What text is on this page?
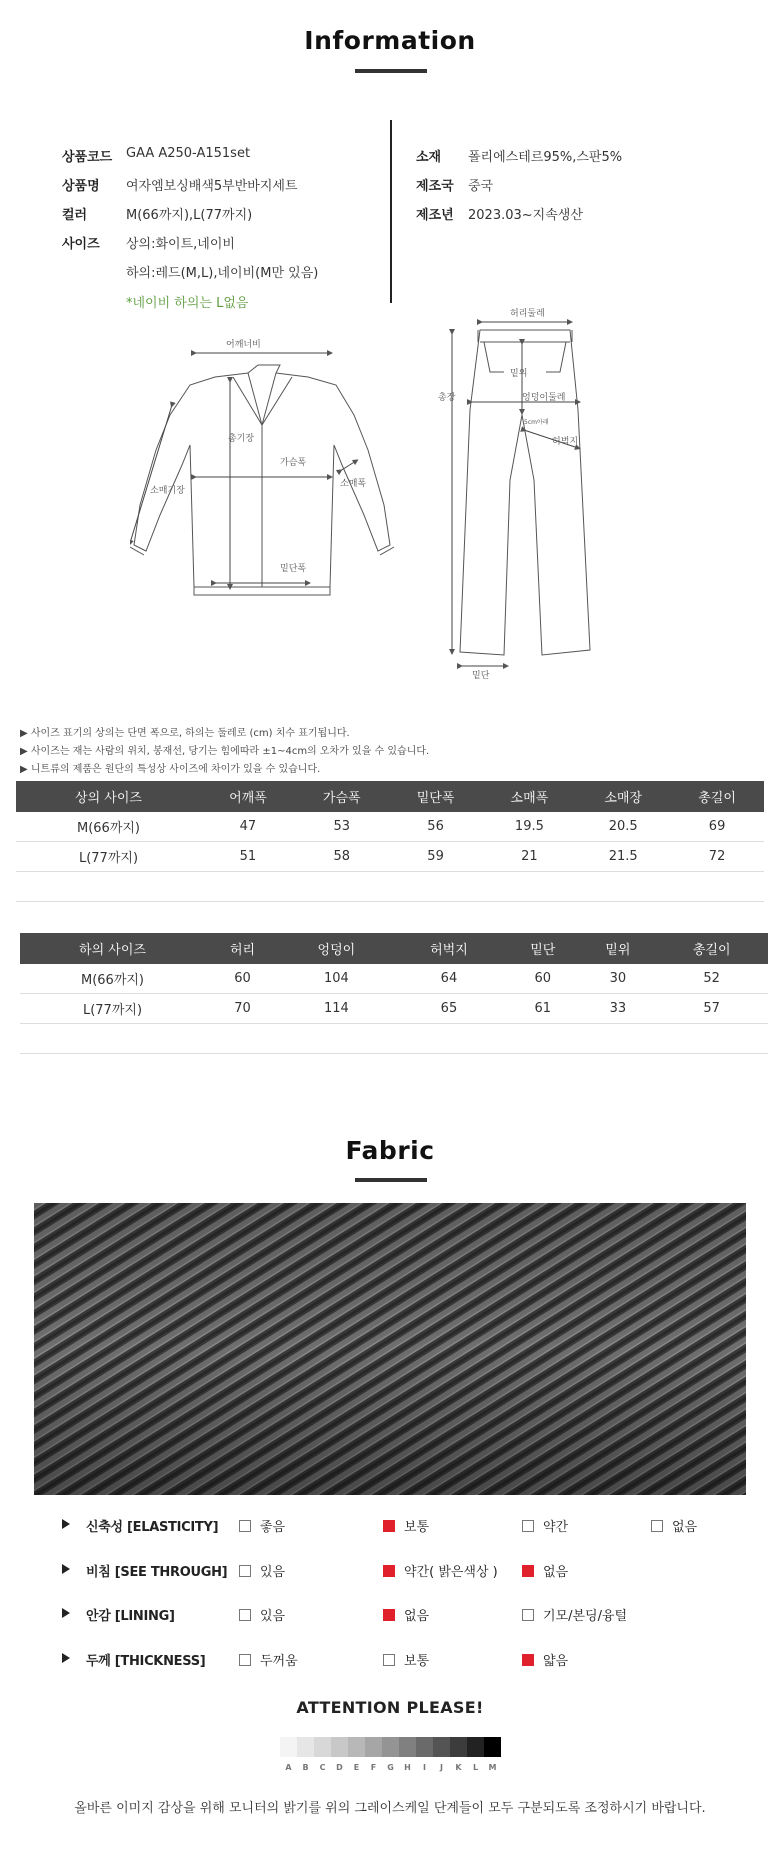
Information
상품코드 GAA A250-A151set
상품명 여자엠보싱배색5부반바지세트
컬러	M(66까지),L(77까지)
사이즈 상의:화이트,네이비
하의:레드(M,L),네이비(M만 있음)
*네이비 하의는 L없음
소재 폴리에스테르95%,스판5%
제조국 중국
제조년 2023.03~지속생산
어깨너비
총기장
가슴폭
소매폭
소매기장
밑단폭
허리둘레
총장
밑위
엉덩이둘레
허벅지
밑단
5cm아래
▶ 사이즈 표기의 상의는 단면 폭으로, 하의는 둘레로 (cm) 치수 표기됩니다.
▶ 사이즈는 재는 사람의 위치, 봉재선, 당기는 힘에따라 ±1~4cm의 오차가 있을 수 있습니다.
▶ 니트류의 제품은 원단의 특성상 사이즈에 차이가 있을 수 있습니다.
상의 사이즈	어깨폭	가슴폭	밑단폭	소매폭	소매장	총길이
M(66까지)	47	53	56	19.5	20.5	69
L(77까지)	51	58	59	21	21.5	72

하의 사이즈	허리	엉덩이	허벅지	밑단	밑위	총길이
M(66까지)	60	104	64	60	30	52
L(77까지)	70	114	65	61	33	57

Fabric
신축성 [ELASTICITY]	좋음	보통	약간	없음
비침 [SEE THROUGH]	있음	약간( 밝은색상 )	없음
안감 [LINING]	있음	없음	기모/본딩/융털
두께 [THICKNESS]	두꺼움	보통	얇음
ATTENTION PLEASE!
A	B	C	D	E	F	G	H	I	J	K	L	M
올바른 이미지 감상을 위해 모니터의 밝기를 위의 그레이스케일 단계들이 모두 구분되도록 조정하시기 바랍니다.
